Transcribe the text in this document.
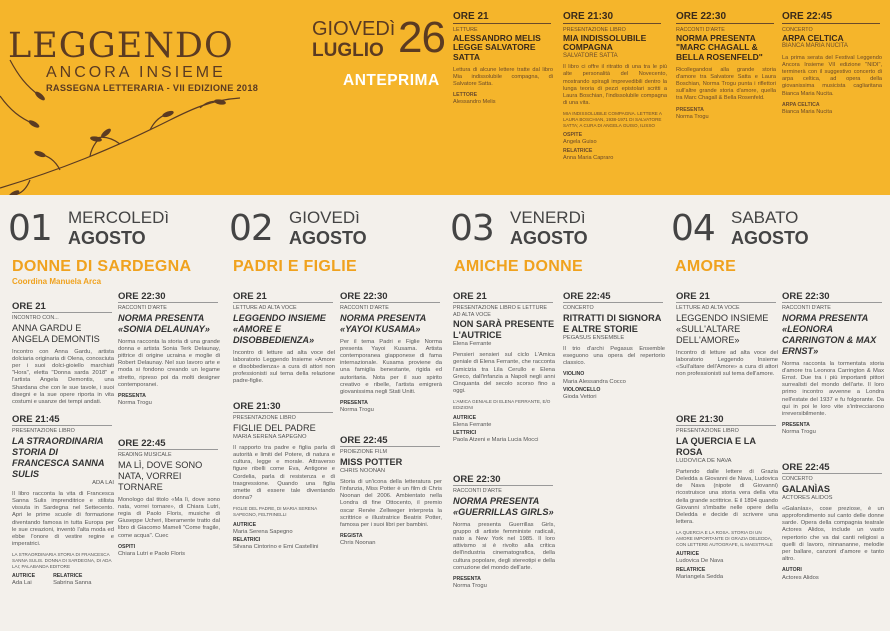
LEGGENDO
ANCORA INSIEME
RASSEGNA LETTERARIA - VII EDIZIONE 2018
GIOVEDì
LUGLIO 26
ANTEPRIMA
ORE 21
LETTURE
ALESSANDRO MELIS LEGGE SALVATORE SATTA
Lettura di alcune lettere tratte dal libro Mia indissolubile compagna, di Salvatore Satta.
LETTORE
Alessandro Melis
ORE 21:30
PRESENTAZIONE LIBRO
MIA INDISSOLUBILE COMPAGNA
SALVATORE SATTA
Il libro ci offre il ritratto di una tra le più alte personalità del Novecento, mostrando spiragli imprevedibili dentro la lunga teoria di pezzi epistolari scritti a Laura Boschian, l'indissolubile compagna di una vita.
MIA INDISSOLUBILE COMPAGNA. LETTERE A LAURA BOSCHIAN, 1938-1971 DI SALVATORE SATTA; A CURA DI ANGELA GUISO, ILISSO
OSPITE
Angela Guiso
RELATRICE
Anna Maria Capraro
ORE 22:30
RACCONTI D'ARTE
NORMA PRESENTA "MARC CHAGALL & BELLA ROSENFELD"
Ricollegandosi alla grande storia d'amore tra Salvatore Satta e Laura Boschian, Norma Trogu punta i riflettori sull'altre grande storia d'amore, quella tra Marc Chagall & Bella Rosenfeld.
PRESENTA
Norma Trogu
ORE 22:45
CONCERTO
ARPA CELTICA
BIANCA MARIA NUCITA
La prima serata del Festival Leggendo Ancora Insieme VII edizione "NIDI", terminerà con il suggestivo concerto di arpa celtica, ad opera della giovanissima musicista cagliaritana Bianca Maria Nucita.
ARPA CELTICA
Bianca Maria Nucita
01 MERCOLEDì
AGOSTO
DONNE DI SARDEGNA
Coordina Manuela Arca
02 GIOVEDì
AGOSTO
PADRI E FIGLIE
03 VENERDì
AGOSTO
AMICHE DONNE
04 SABATO
AGOSTO
AMORE
ORE 21
INCONTRO CON...
ANNA GARDU E ANGELA DEMONTIS
Incontro con Anna Gardu, artista dolciaria originaria di Olena, conosciuta per i suoi dolci-gioiello marchiati "Hora", eletta "Donna sarda 2018" e l'artista Angela Demontis, una Shardana che con le sue tavole, i suoi disegni e la sue opere riporta in vita costumi e usanze dei tempi andati.
ORE 21:45
PRESENTAZIONE LIBRO
LA STRAORDINARIA STORIA DI FRANCESCA SANNA SULIS
ADA LAI
Il libro racconta la vita di Francesca Sanna Sulis imprenditrice e stilista vissuta in Sardegna nel Settecento. Apri le prime scuole di formazione diventando famosa in tutta Europa per le sue creazioni, inventò l'alta moda ed ebbe l'onore di vestire regine e imperatrici.
LA STRAORDINARIA STORIA DI FRANCESCA SANNA SULIS. DONNA DI SARDEGNA, DI ADA LAI; PALABANDA EDITORE
AUTRICE
Ada Lai
RELATRICE
Sabrina Sanna
ORE 22:30
RACCONTI D'ARTE
NORMA PRESENTA «SONIA DELAUNAY»
Norma racconta la storia di una grande donna e artista Sonia Terk Delaunay, pittrice di origine ucraina e moglie di Robert Delaunay. Nel suo lavoro arte e moda si fondono creando un legame stretto, ripreso poi da molti designer contemporanei.
PRESENTA
Norma Trogu
ORE 22:45
READING MUSICALE
MA LÌ, DOVE SONO NATA, VORREI TORNARE
Monologo dal titolo «Ma lì, dove sono nata, vorrei tornare», di Chiara Lutri, regia di Paolo Floris, musiche di Giuseppe Ucheri, liberamente tratto dal libro di Giacomo Mameli "Come fragile, come acqua". Cuec
OSPITI
Chiara Lutri e Paolo Floris
ORE 21
LETTURE AD ALTA VOCE
LEGGENDO INSIEME «AMORE E DISOBBEDIENZA»
Incontro di letture ad alta voce del laboratorio Leggendo Insieme «Amore e disobbedienza» a cura di attori non professionisti sul tema della relazione padre-figlie.
ORE 21:30
PRESENTAZIONE LIBRO
FIGLIE DEL PADRE
MARIA SERENA SAPEGNO
Il rapporto tra padre e figlia parla di autorità e limiti del Potere, di natura e cultura, legge e morale. Attraverso figure ribelli come Eva, Antigone e Cordelia, parla di resistenza e di trasgressione. Quando una figlia smette di essere tale diventando donna?
FIGLIE DEL PADRE, DI MARIA SERENA SAPEGNO, FELTRINELLI
AUTRICE
Maria Serena Sapegno
RELATRICI
Silvana Cintorino e Emi Castellini
ORE 22:30
RACCONTI D'ARTE
NORMA PRESENTA «YAYOI KUSAMA»
Per il tema Padri e Figlie Norma presenta Yayoi Kusama. Artista contemporanea giapponese di fama internazionale. Kusama proviene da una famiglia benestante, rigida ed autoritaria. Nota per il suo spirito creativo e ribelle, l'artista emigrerà giovanissima negli Stati Uniti.
PRESENTA
Norma Trogu
ORE 22:45
PROIEZIONE FILM
MISS POTTER
CHRIS NOONAN
Storia di un'icona della letteratura per l'infanzia, Miss Potter è un film di Chris Noonan del 2006. Ambientato nella Londra di fine Ottocento, il premio oscar Renée Zellweger interpreta la scrittrice e illustratrice Beatrix Potter, famosa per i suoi libri per bambini.
REGISTA
Chris Noonan
ORE 21
PRESENTAZIONE LIBRO E LETTURE AD ALTA VOCE
NON SARÀ PRESENTE L'AUTRICE
Elena Ferrante
Pensieri sensieri sul ciclo L'Amica geniale di Elena Ferrante, che racconta l'amicizia tra Lila Cerullo e Elena Greco, dall'infanzia a Napoli negli anni Cinquanta del secolo scorso fino a oggi.
L'AMICA GENIALE DI ELENA FERRANTE, E/O EDIZIONI
AUTRICE
Elena Ferrante
LETTRICI
Paola Atzeni e Maria Lucia Mocci
ORE 22:30
RACCONTI D'ARTE
NORMA PRESENTA «GUERRILLAS GIRLS»
Norma presenta Guerrillas Girls, gruppo di artiste femministe radicali, nato a New York nel 1985. Il loro attivismo si è rivolto alla critica dell'industria cinematografica, della cultura popolare, degli stereotipi e della corruzione del mondo dell'arte.
PRESENTA
Norma Trogu
ORE 22:45
CONCERTO
RITRATTI DI SIGNORA E ALTRE STORIE
PEGASUS ENSEMBLE
Il trio d'archi Pegasus Ensemble eseguono una opera del repertorio classico.
VIOLINO
Maria Alessandra Cocco
VIOLONCELLO
Gioda Vettori
ORE 21
LETTURE AD ALTA VOCE
LEGGENDO INSIEME «SULL'ALTARE DELL'AMORE»
Incontro di letture ad alta voce del laboratorio Leggendo Insieme «Sull'altare dell'Amore» a cura di attori non professionisti sul tema dell'amore.
ORE 21:30
PRESENTAZIONE LIBRO
LA QUERCIA E LA ROSA
LUDOVICA DE NAVA
Partendo dalle lettere di Grazia Deledda a Giovanni de Nava, Ludovica de Nava (nipote di Giovanni) ricostruisce una storia vera della vita della grande scrittrice. E il 1894 quando Giovanni s'imbatte nelle opere della Deledda e decide di scrivere una lettera.
LA QUERCIA E LA ROSA. STORIA DI UN AMORE IMPORTANTE DI GRAZIA DELEDDA, CON LETTERE AUTOGRAFE, IL MAESTRALE
AUTRICE
Ludovica De Nava
RELATRICE
Mariangela Sedda
ORE 22:30
RACCONTI D'ARTE
NORMA PRESENTA «LEONORA CARRINGTON & MAX ERNST»
Norma racconta la tormentata storia d'amore tra Leonora Carrington & Max Ernst. Due tra i più importanti pittori surrealisti del mondo dell'arte. Il loro primo incontro avvenne a Londra nell'estate del 1937 e fu folgorante. Da qui in poi le loro vite s'intrecciarono irreversibilmente.
PRESENTA
Norma Trogu
ORE 22:45
CONCERTO
GALANÌAS
ACTORES ALIDOS
«Galanìas», cose preziose, è un approfondimento sul canto delle donne sarde. Opera della compagnia teatrale Actores Alidos, include un vasto repertorio che va dai canti religiosi a quelli di lavoro, ninnananne, melodie per ballare, canzoni d'amore e tanto altro.
AUTORI
Actores Alidos
